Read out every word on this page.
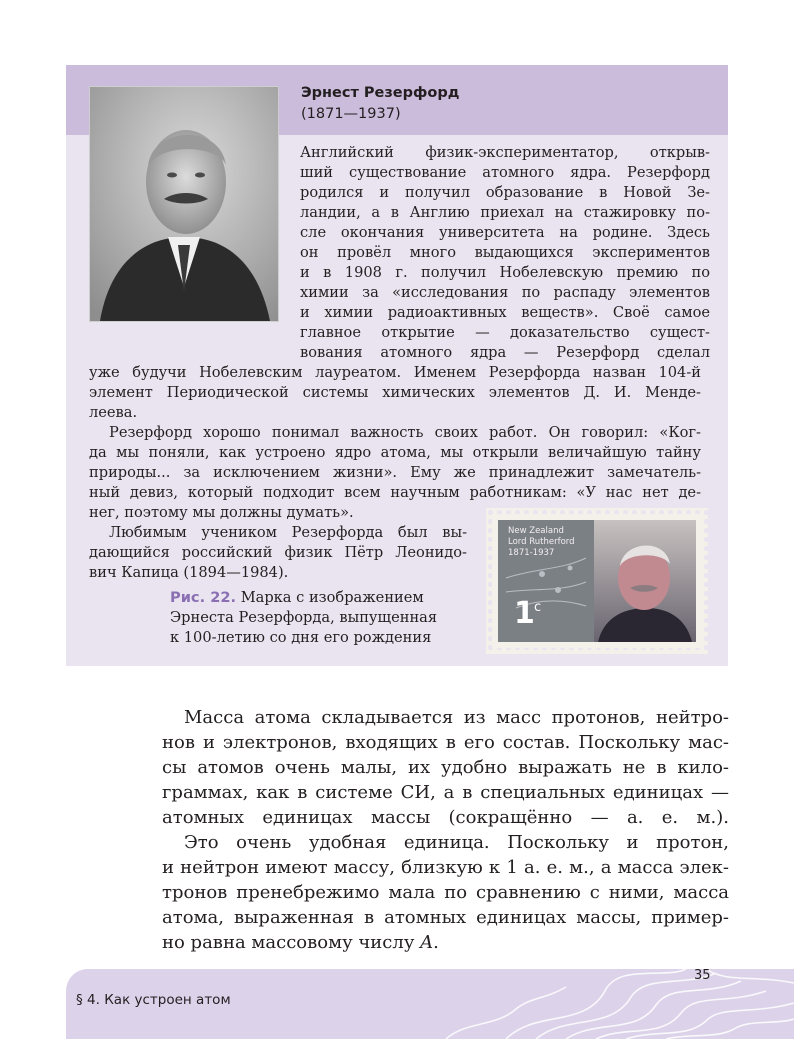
Эрнест Резерфорд
(1871—1937)
Английский физик-экспериментатор, открыв-
ший существование атомного ядра. Резерфорд
родился и получил образование в Новой Зе-
ландии, а в Англию приехал на стажировку по-
сле окончания университета на родине. Здесь
он провёл много выдающихся экспериментов
и в 1908 г. получил Нобелевскую премию по
химии за «исследования по распаду элементов
и химии радиоактивных веществ». Своё самое
главное открытие — доказательство сущест-
вования атомного ядра — Резерфорд сделал
уже будучи Нобелевским лауреатом. Именем Резерфорда назван 104-й
элемент Периодической системы химических элементов Д. И. Менде-
леева.
Резерфорд хорошо понимал важность своих работ. Он говорил: «Ког-
да мы поняли, как устроено ядро атома, мы открыли величайшую тайну
природы... за исключением жизни». Ему же принадлежит замечатель-
ный девиз, который подходит всем научным работникам: «У нас нет де-
нег, поэтому мы должны думать».
Любимым учеником Резерфорда был вы-
дающийся российский физик Пётр Леонидо-
вич Капица (1894—1984).
New Zealand
Lord Rutherford
1871-1937
1 c
Рис. 22. Марка с изображением
Эрнеста Резерфорда, выпущенная
к 100-летию со дня его рождения
Масса атома складывается из масс протонов, нейтро-
нов и электронов, входящих в его состав. Поскольку мас-
сы атомов очень малы, их удобно выражать не в кило-
граммах, как в системе СИ, а в специальных единицах —
атомных единицах массы (сокращённо — а. е. м.).
Это очень удобная единица. Поскольку и протон,
и нейтрон имеют массу, близкую к 1 а. е. м., а масса элек-
тронов пренебрежимо мала по сравнению с ними, масса
атома, выраженная в атомных единицах массы, пример-
но равна массовому числу A.
35
§ 4. Как устроен атом
